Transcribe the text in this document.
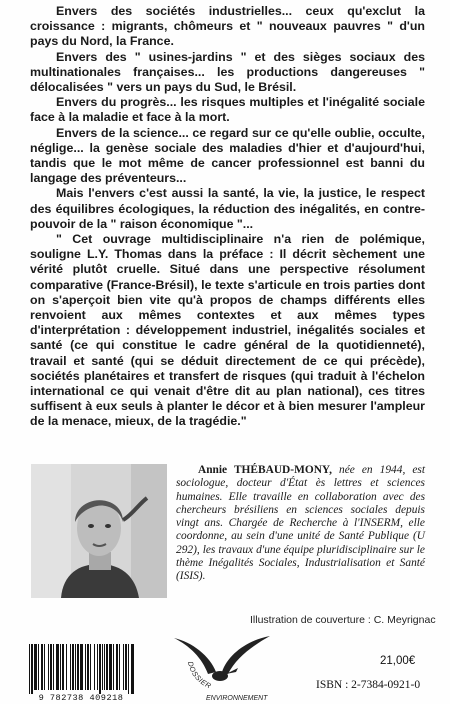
Envers des sociétés industrielles... ceux qu'exclut la croissance : migrants, chômeurs et " nouveaux pauvres " d'un pays du Nord, la France.

Envers des " usines-jardins " et des sièges sociaux des multinationales françaises... les productions dangereuses " délocalisées " vers un pays du Sud, le Brésil.

Envers du progrès... les risques multiples et l'inégalité sociale face à la maladie et face à la mort.

Envers de la science... ce regard sur ce qu'elle oublie, occulte, néglige... la genèse sociale des maladies d'hier et d'aujourd'hui, tandis que le mot même de cancer professionnel est banni du langage des préventeurs...

Mais l'envers c'est aussi la santé, la vie, la justice, le respect des équilibres écologiques, la réduction des inégalités, en contre-pouvoir de la " raison économique "...

" Cet ouvrage multidisciplinaire n'a rien de polémique, souligne L.Y. Thomas dans la préface : Il décrit sèchement une vérité plutôt cruelle. Situé dans une perspective résolument comparative (France-Brésil), le texte s'articule en trois parties dont on s'aperçoit bien vite qu'à propos de champs différents elles renvoient aux mêmes contextes et aux mêmes types d'interprétation : développement industriel, inégalités sociales et santé (ce qui constitue le cadre général de la quotidienneté), travail et santé (qui se déduit directement de ce qui précède), sociétés planétaires et transfert de risques (qui traduit à l'échelon international ce qui venait d'être dit au plan national), ces titres suffisent à eux seuls à planter le décor et à bien mesurer l'ampleur de la menace, mieux, de la tragédie."

Annie THÉBAUD-MONY, née en 1944, est sociologue, docteur d'État ès lettres et sciences humaines. Elle travaille en collaboration avec des chercheurs brésiliens en sciences sociales depuis vingt ans. Chargée de Recherche à l'INSERM, elle coordonne, au sein d'une unité de Santé Publique (U 292), les travaux d'une équipe pluridisciplinaire sur le thème Inégalités Sociales, Industrialisation et Santé (ISIS).
Illustration de couverture : C. Meyrignac
DOSSIER
ENVIRONNEMENT
9 782738 409218
21,00€
ISBN : 2-7384-0921-0
